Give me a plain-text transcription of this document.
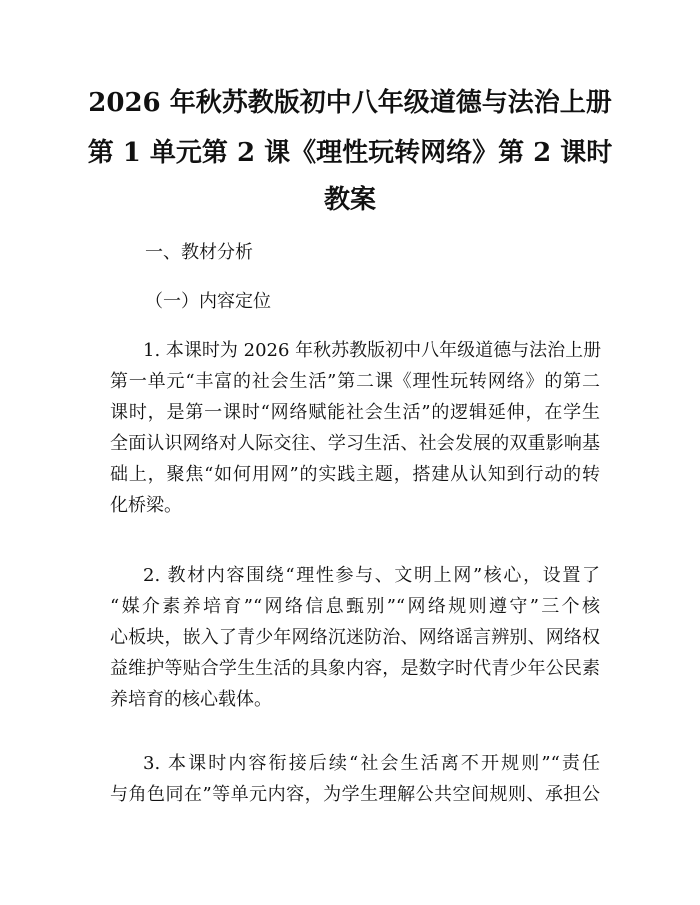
2026 年秋苏教版初中八年级道德与法治上册
第 1 单元第 2 课《理性玩转网络》第 2 课时
教案
一、教材分析
（一）内容定位
1. 本课时为 2026 年秋苏教版初中八年级道德与法治上册
第一单元“丰富的社会生活”第二课《理性玩转网络》的第二
课时，是第一课时“网络赋能社会生活”的逻辑延伸，在学生
全面认识网络对人际交往、学习生活、社会发展的双重影响基
础上，聚焦“如何用网”的实践主题，搭建从认知到行动的转
化桥梁。
2. 教材内容围绕“理性参与、文明上网”核心，设置了
“媒介素养培育”“网络信息甄别”“网络规则遵守”三个核
心板块，嵌入了青少年网络沉迷防治、网络谣言辨别、网络权
益维护等贴合学生生活的具象内容，是数字时代青少年公民素
养培育的核心载体。
3. 本课时内容衔接后续“社会生活离不开规则”“责任
与角色同在”等单元内容，为学生理解公共空间规则、承担公
